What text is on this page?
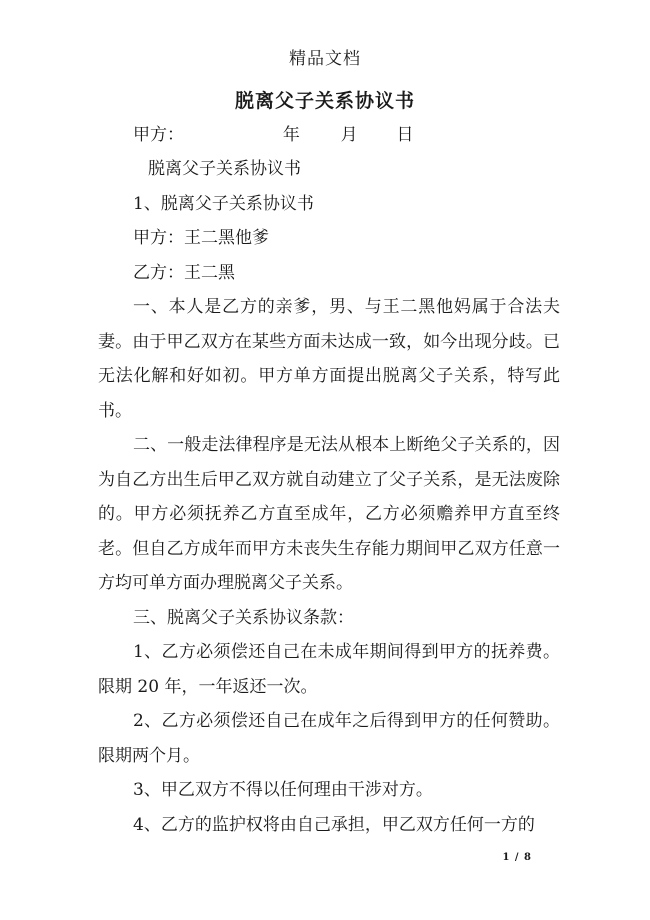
精品文档
脱离父子关系协议书
甲方：	年 月 日

脱离父子关系协议书

1、脱离父子关系协议书

甲方：王二黑他爹

乙方：王二黑

一、本人是乙方的亲爹，男、与王二黑他妈属于合法夫妻。由于甲乙双方在某些方面未达成一致，如今出现分歧。已无法化解和好如初。甲方单方面提出脱离父子关系，特写此书。

二、一般走法律程序是无法从根本上断绝父子关系的，因为自乙方出生后甲乙双方就自动建立了父子关系，是无法废除的。甲方必须抚养乙方直至成年，乙方必须赡养甲方直至终老。但自乙方成年而甲方未丧失生存能力期间甲乙双方任意一方均可单方面办理脱离父子关系。

三、脱离父子关系协议条款：

1、乙方必须偿还自己在未成年期间得到甲方的抚养费。限期 20 年，一年返还一次。

2、乙方必须偿还自己在成年之后得到甲方的任何赞助。限期两个月。

3、甲乙双方不得以任何理由干涉对方。

4、乙方的监护权将由自己承担，甲乙双方任何一方的

1 / 8
